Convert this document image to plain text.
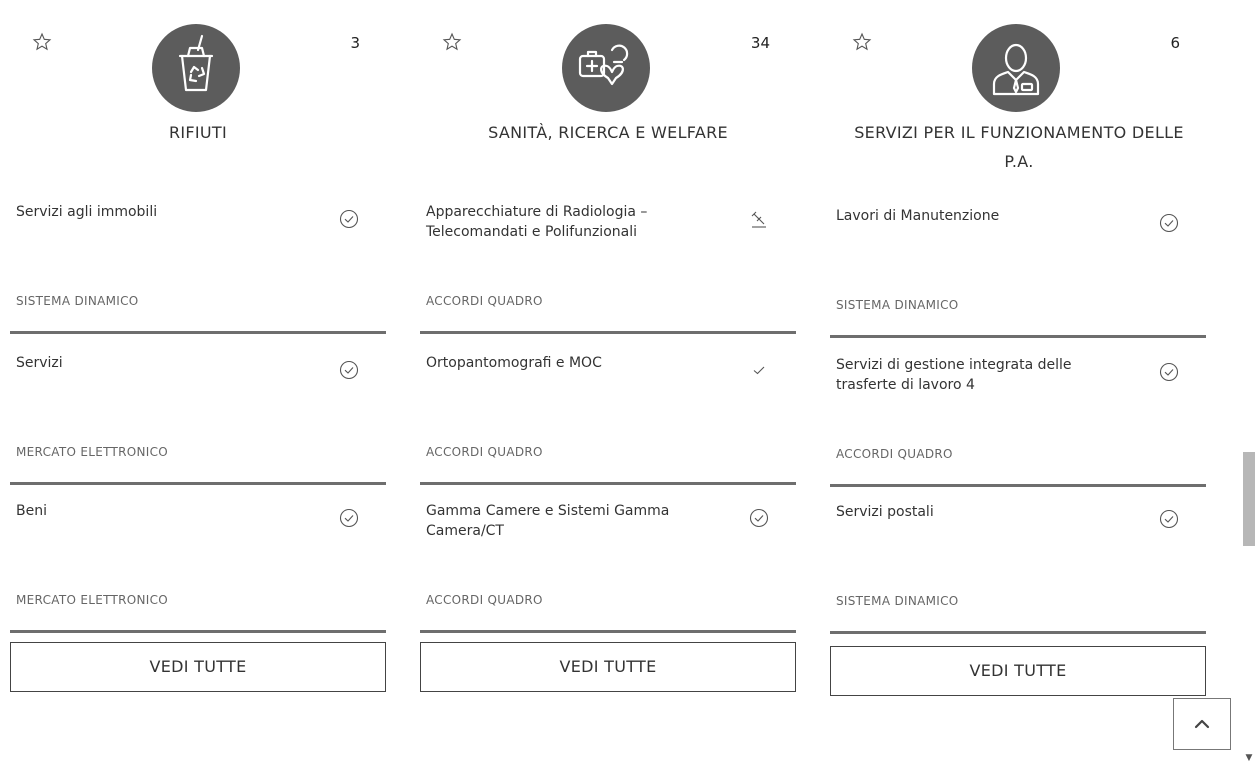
3
RIFIUTI
Servizi agli immobili
SISTEMA DINAMICO
Servizi
MERCATO ELETTRONICO
Beni
MERCATO ELETTRONICO
VEDI TUTTE
34
SANITÀ, RICERCA E WELFARE
Apparecchiature di Radiologia – Telecomandati e Polifunzionali
ACCORDI QUADRO
Ortopantomografi e MOC
ACCORDI QUADRO
Gamma Camere e Sistemi Gamma Camera/CT
ACCORDI QUADRO
VEDI TUTTE
6
SERVIZI PER IL FUNZIONAMENTO DELLE P.A.
Lavori di Manutenzione
SISTEMA DINAMICO
Servizi di gestione integrata delle trasferte di lavoro 4
ACCORDI QUADRO
Servizi postali
SISTEMA DINAMICO
VEDI TUTTE
▼
